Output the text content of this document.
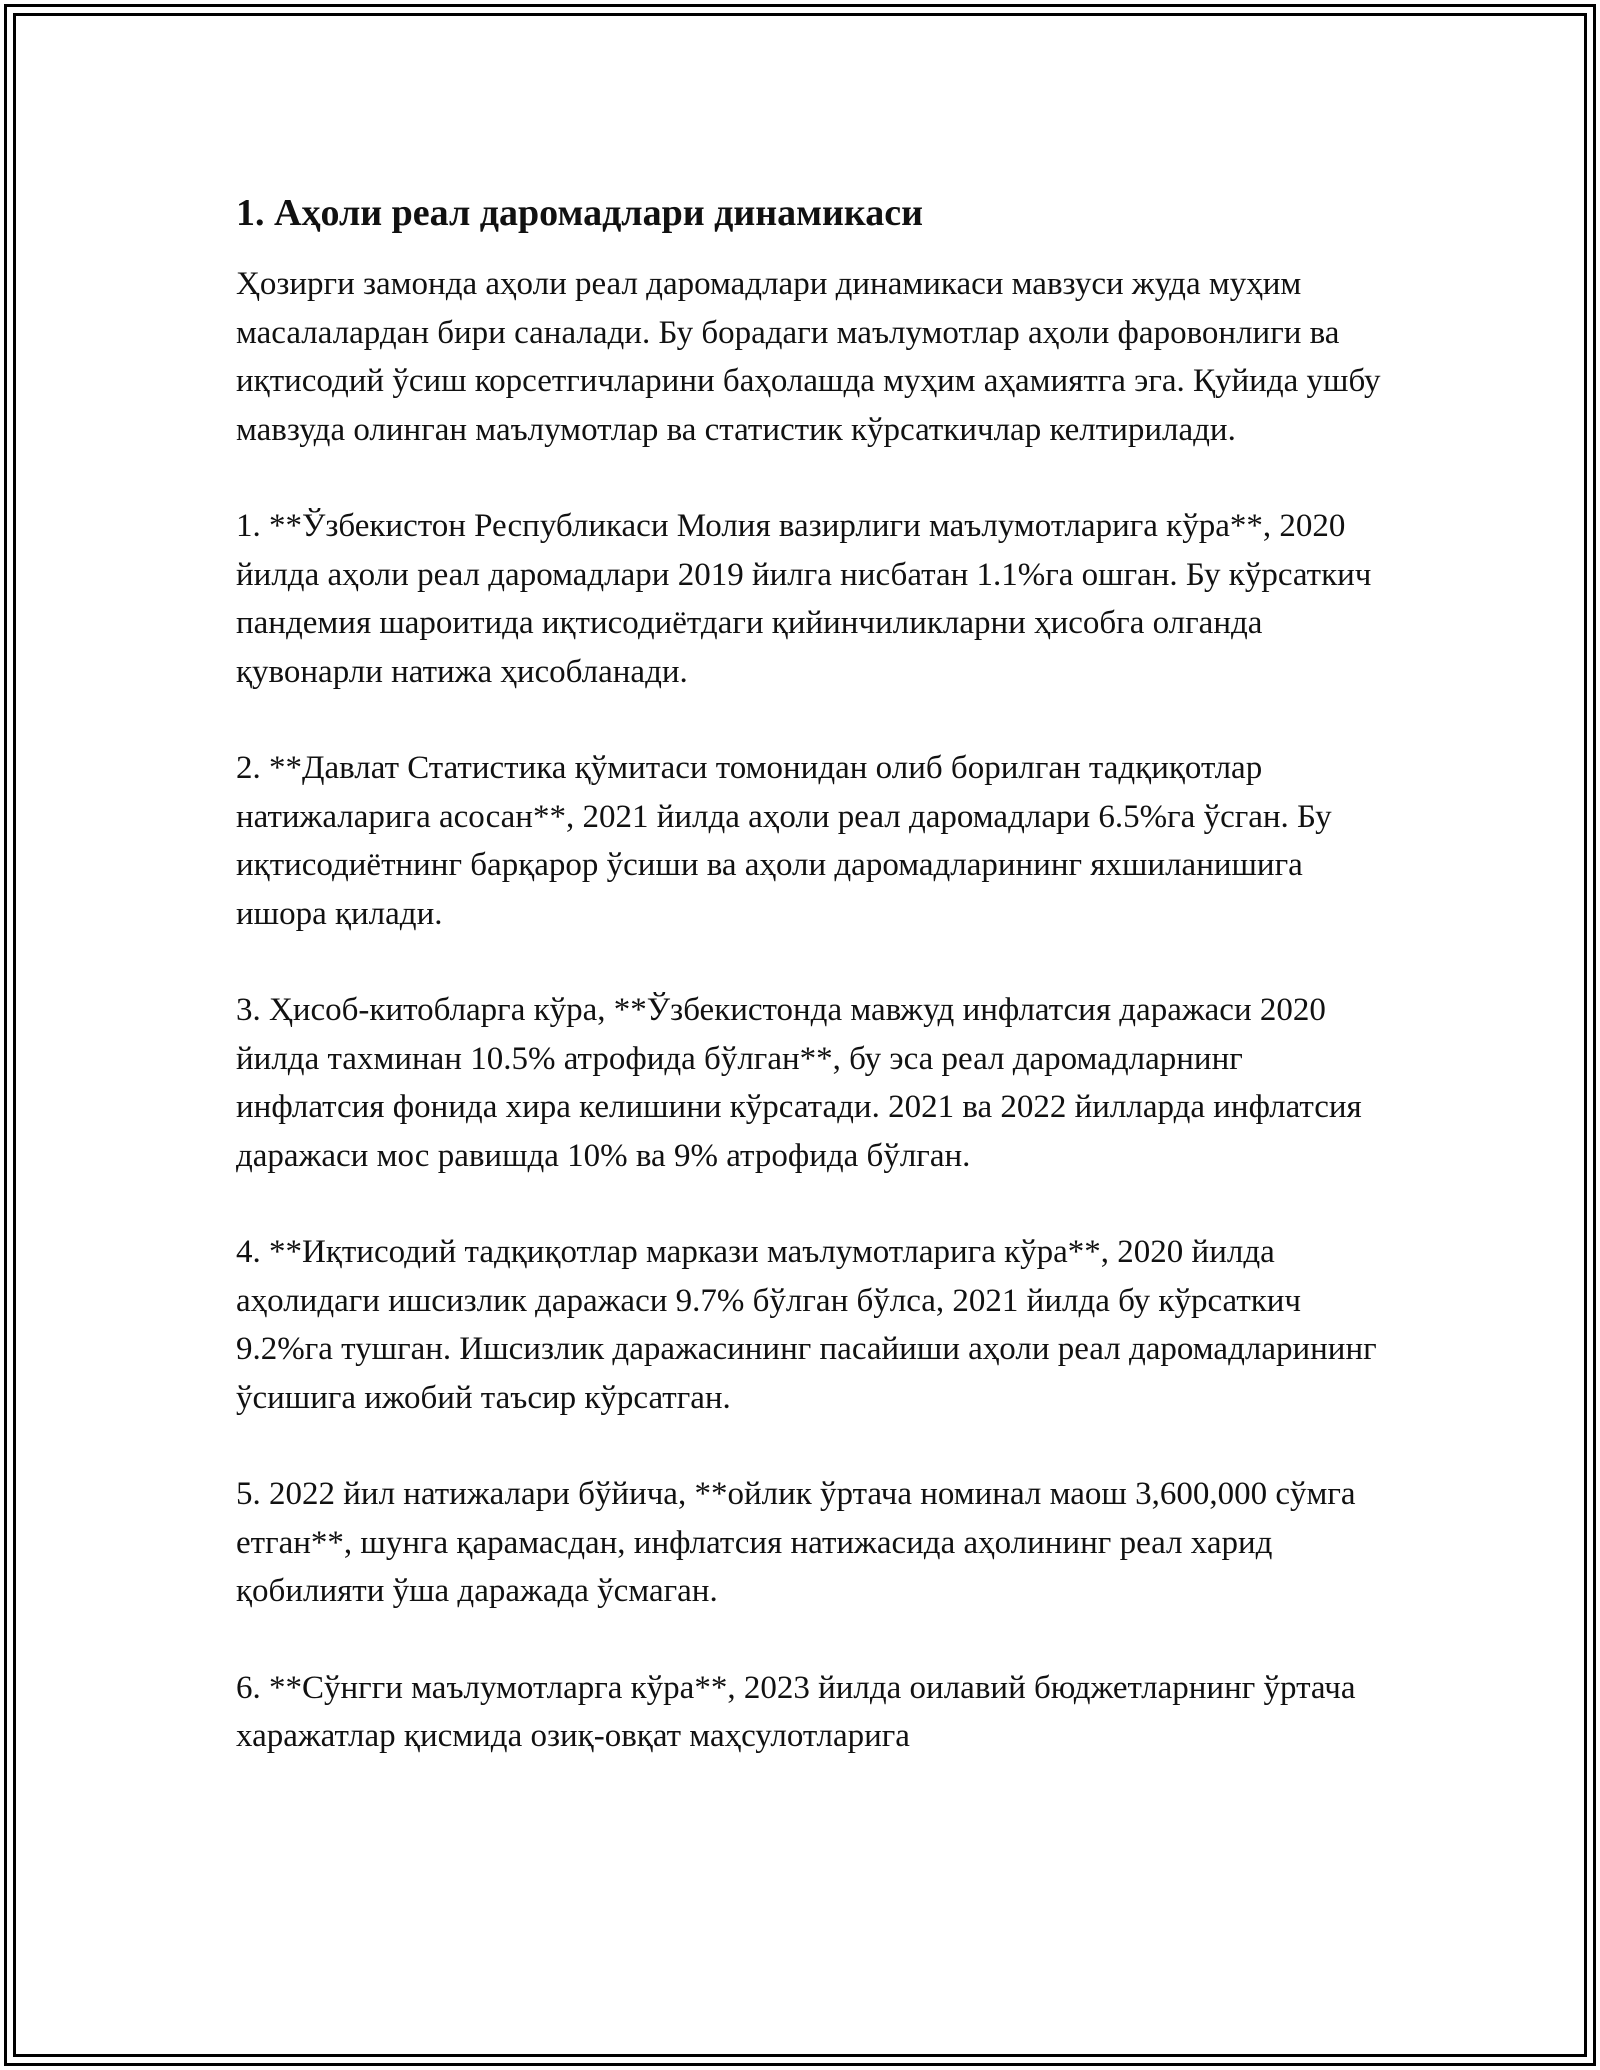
1. Аҳоли реал даромадлари динамикаси

Ҳозирги замонда аҳоли реал даромадлари динамикаси мавзуси жуда муҳим масалалардан бири саналади. Бу борадаги маълумотлар аҳоли фаровонлиги ва иқтисодий ўсиш корсетгичларини баҳолашда муҳим аҳамиятга эга. Қуйида ушбу мавзуда олинган маълумотлар ва статистик кўрсаткичлар келтирилади.

1. **Ўзбекистон Республикаси Молия вазирлиги маълумотларига кўра**, 2020 йилда аҳоли реал даромадлари 2019 йилга нисбатан 1.1%га ошган. Бу кўрсаткич пандемия шароитида иқтисодиётдаги қийинчиликларни ҳисобга олганда қувонарли натижа ҳисобланади.

2. **Давлат Статистика қўмитаси томонидан олиб борилган тадқиқотлар натижаларига асосан**, 2021 йилда аҳоли реал даромадлари 6.5%га ўсган. Бу иқтисодиётнинг барқарор ўсиши ва аҳоли даромадларининг яхшиланишига ишора қилади.

3. Ҳисоб-китобларга кўра, **Ўзбекистонда мавжуд инфлатсия даражаси 2020 йилда тахминан 10.5% атрофида бўлган**, бу эса реал даромадларнинг инфлатсия фонида хира келишини кўрсатади. 2021 ва 2022 йилларда инфлатсия даражаси мос равишда 10% ва 9% атрофида бўлган.

4. **Иқтисодий тадқиқотлар маркази маълумотларига кўра**, 2020 йилда аҳолидаги ишсизлик даражаси 9.7% бўлган бўлса, 2021 йилда бу кўрсаткич 9.2%га тушган. Ишсизлик даражасининг пасайиши аҳоли реал даромадларининг ўсишига ижобий таъсир кўрсатган.

5. 2022 йил натижалари бўйича, **ойлик ўртача номинал маош 3,600,000 сўмга етган**, шунга қарамасдан, инфлатсия натижасида аҳолининг реал харид қобилияти ўша даражада ўсмаган.

6. **Сўнгги маълумотларга кўра**, 2023 йилда оилавий бюджетларнинг ўртача харажатлар қисмида озиқ-овқат маҳсулотларига
